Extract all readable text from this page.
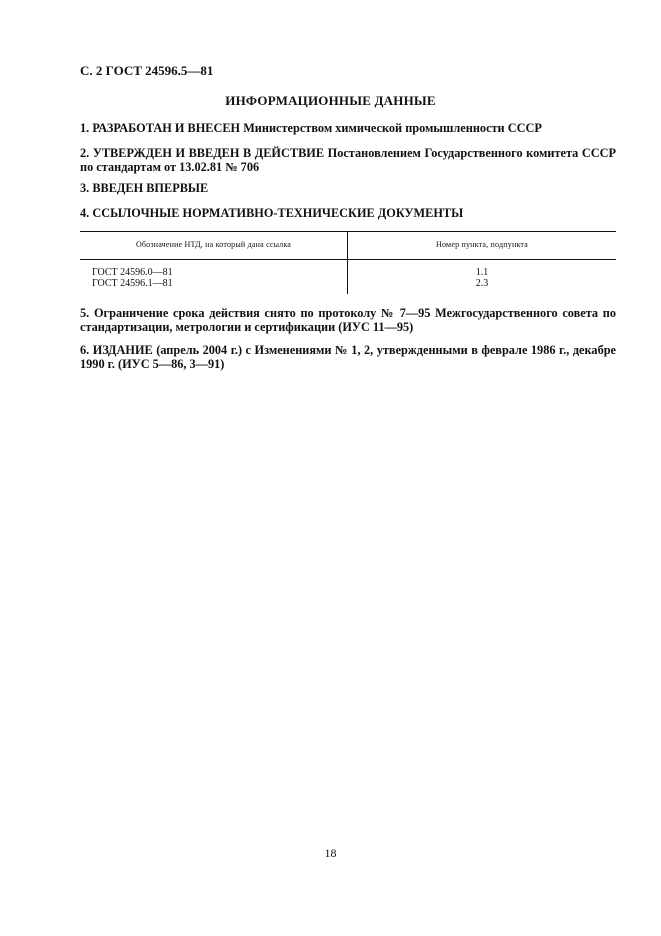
С. 2 ГОСТ 24596.5—81
ИНФОРМАЦИОННЫЕ ДАННЫЕ
1. РАЗРАБОТАН И ВНЕСЕН Министерством химической промышленности СССР
2. УТВЕРЖДЕН И ВВЕДЕН В ДЕЙСТВИЕ Постановлением Государственного комитета СССР по стандартам от 13.02.81 № 706
3. ВВЕДЕН ВПЕРВЫЕ
4. ССЫЛОЧНЫЕ НОРМАТИВНО-ТЕХНИЧЕСКИЕ ДОКУМЕНТЫ
Обозначение НТД, на который дана ссылка	Номер пункта, подпункта
ГОСТ 24596.0—81
ГОСТ 24596.1—81
1.1
2.3
5. Ограничение срока действия снято по протоколу № 7—95 Межгосударственного совета по стандартизации, метрологии и сертификации (ИУС 11—95)
6. ИЗДАНИЕ (апрель 2004 г.) с Изменениями № 1, 2, утвержденными в феврале 1986 г., декабре 1990 г. (ИУС 5—86, 3—91)
18
